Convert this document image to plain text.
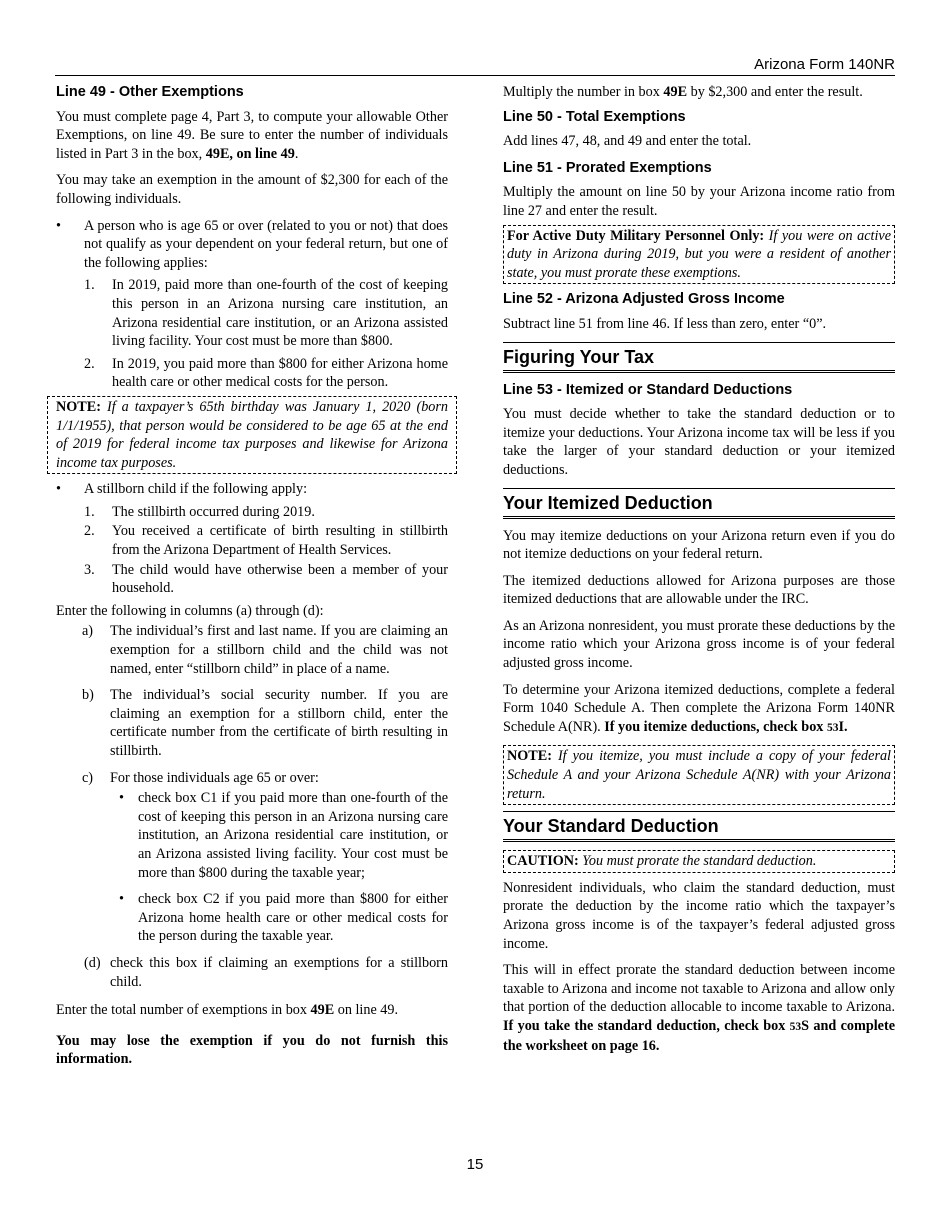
Arizona Form 140NR
Line 49 - Other Exemptions

You must complete page 4, Part 3, to compute your allowable Other Exemptions, on line 49. Be sure to enter the number of individuals listed in Part 3 in the box, 49E, on line 49.

You may take an exemption in the amount of $2,300 for each of the following individuals.

• A person who is age 65 or over (related to you or not) that does not qualify as your dependent on your federal return, but one of the following applies:
1. In 2019, paid more than one-fourth of the cost of keeping this person in an Arizona nursing care institution, an Arizona residential care institution, or an Arizona assisted living facility. Your cost must be more than $800.
2. In 2019, you paid more than $800 for either Arizona home health care or other medical costs for the person.
NOTE: If a taxpayer’s 65th birthday was January 1, 2020 (born 1/1/1955), that person would be considered to be age 65 at the end of 2019 for federal income tax purposes and likewise for Arizona income tax purposes.
• A stillborn child if the following apply:
1. The stillbirth occurred during 2019.
2. You received a certificate of birth resulting in stillbirth from the Arizona Department of Health Services.
3. The child would have otherwise been a member of your household.
Enter the following in columns (a) through (d):
a) The individual’s first and last name. If you are claiming an exemption for a stillborn child and the child was not named, enter “stillborn child” in place of a name.
b) The individual’s social security number. If you are claiming an exemption for a stillborn child, enter the certificate number from the certificate of birth resulting in stillbirth.
c) For those individuals age 65 or over:
• check box C1 if you paid more than one-fourth of the cost of keeping this person in an Arizona nursing care institution, an Arizona residential care institution, or an Arizona assisted living facility. Your cost must be more than $800 during the taxable year;
• check box C2 if you paid more than $800 for either Arizona home health care or other medical costs for the person during the taxable year.
(d) check this box if claiming an exemptions for a stillborn child.

Enter the total number of exemptions in box 49E on line 49.

You may lose the exemption if you do not furnish this information.

Multiply the number in box 49E by $2,300 and enter the result.

Line 50 - Total Exemptions

Add lines 47, 48, and 49 and enter the total.

Line 51 - Prorated Exemptions

Multiply the amount on line 50 by your Arizona income ratio from line 27 and enter the result.

For Active Duty Military Personnel Only: If you were on active duty in Arizona during 2019, but you were a resident of another state, you must prorate these exemptions.
Line 52 - Arizona Adjusted Gross Income

Subtract line 51 from line 46. If less than zero, enter “0”.

Figuring Your Tax
Line 53 - Itemized or Standard Deductions

You must decide whether to take the standard deduction or to itemize your deductions. Your Arizona income tax will be less if you take the larger of your standard deduction or your itemized deductions.

Your Itemized Deduction

You may itemize deductions on your Arizona return even if you do not itemize deductions on your federal return.

The itemized deductions allowed for Arizona purposes are those itemized deductions that are allowable under the IRC.

As an Arizona nonresident, you must prorate these deductions by the income ratio which your Arizona gross income is of your federal adjusted gross income.

To determine your Arizona itemized deductions, complete a federal Form 1040 Schedule A. Then complete the Arizona Form 140NR Schedule A(NR). If you itemize deductions, check box 53I.

NOTE: If you itemize, you must include a copy of your federal Schedule A and your Arizona Schedule A(NR) with your Arizona return.
Your Standard Deduction
CAUTION: You must prorate the standard deduction.

Nonresident individuals, who claim the standard deduction, must prorate the deduction by the income ratio which the taxpayer’s Arizona gross income is of the taxpayer’s federal adjusted gross income.

This will in effect prorate the standard deduction between income taxable to Arizona and income not taxable to Arizona and allow only that portion of the deduction allocable to income taxable to Arizona. If you take the standard deduction, check box 53S and complete the worksheet on page 16.

15
